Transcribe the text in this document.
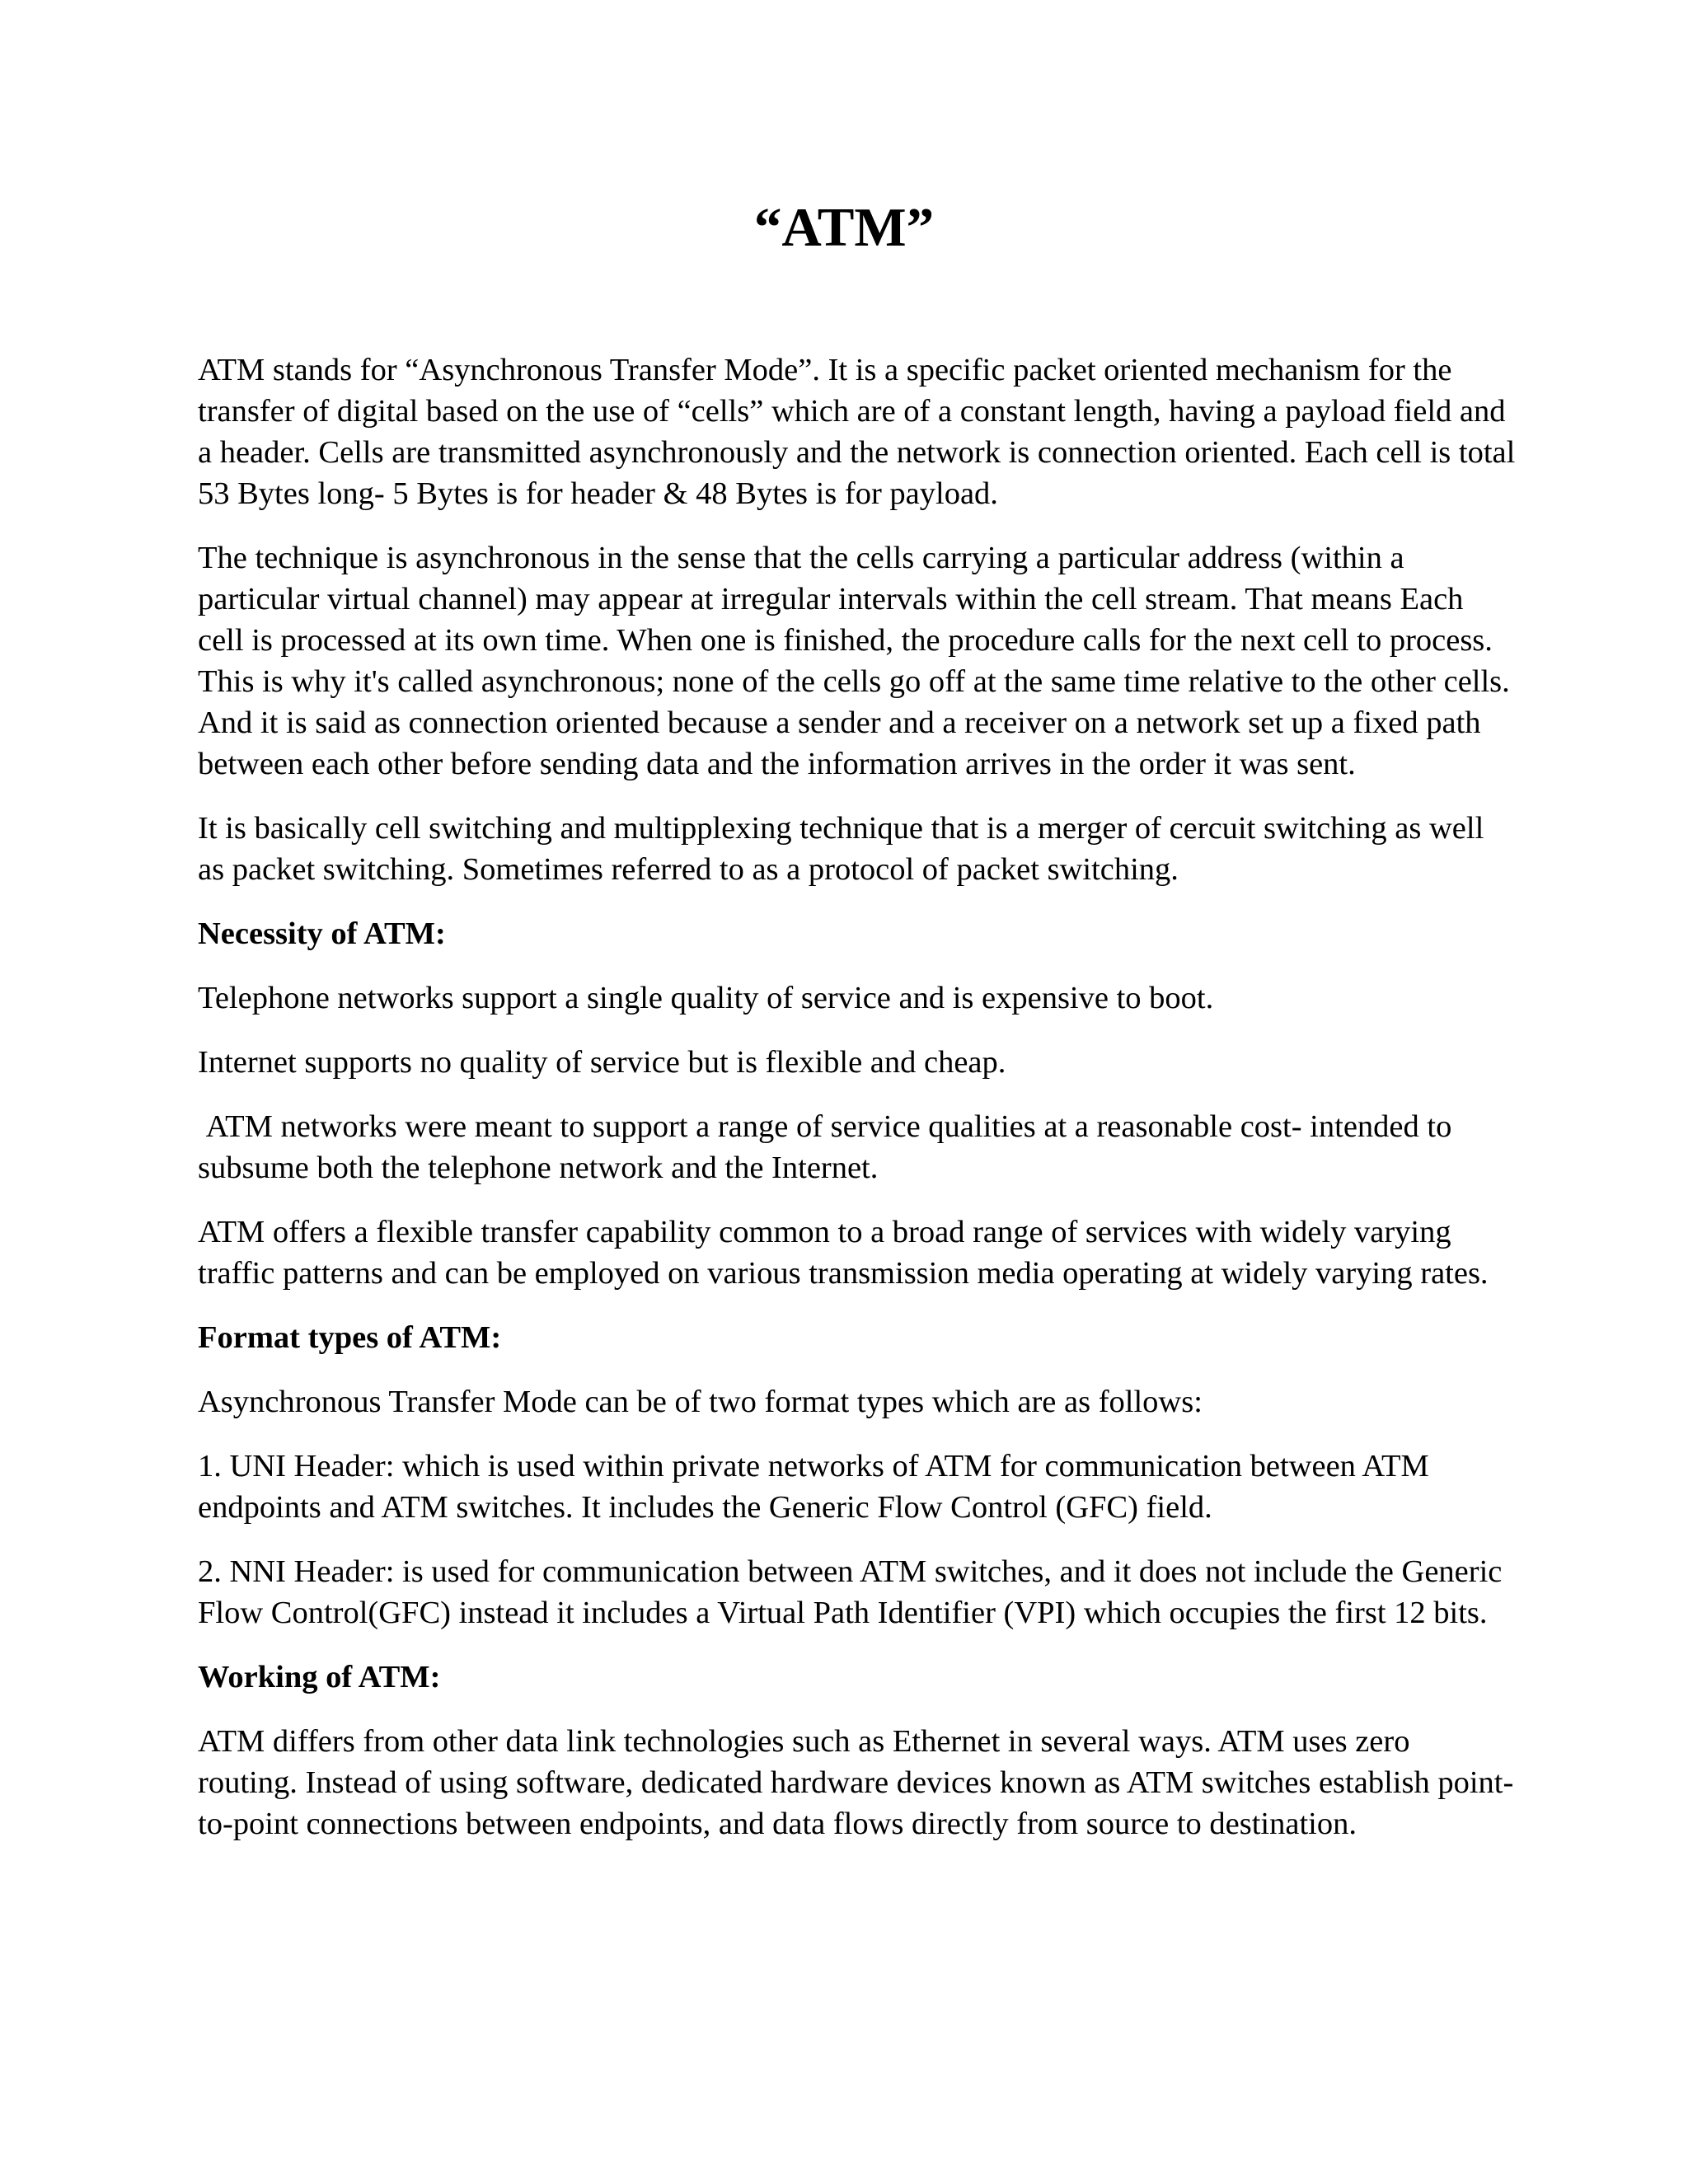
“ATM”

ATM stands for “Asynchronous Transfer Mode”. It is a specific packet oriented mechanism for the transfer of digital based on the use of “cells” which are of a constant length, having a payload field and a header. Cells are transmitted asynchronously and the network is connection oriented. Each cell is total 53 Bytes long- 5 Bytes is for header & 48 Bytes is for payload.

The technique is asynchronous in the sense that the cells carrying a particular address (within a particular virtual channel) may appear at irregular intervals within the cell stream. That means Each cell is processed at its own time. When one is finished, the procedure calls for the next cell to process. This is why it's called asynchronous; none of the cells go off at the same time relative to the other cells. And it is said as connection oriented because a sender and a receiver on a network set up a fixed path between each other before sending data and the information arrives in the order it was sent.

It is basically cell switching and multipplexing technique that is a merger of cercuit switching as well as packet switching. Sometimes referred to as a protocol of packet switching.

Necessity of ATM:

Telephone networks support a single quality of service and is expensive to boot.

Internet supports no quality of service but is flexible and cheap.

ATM networks were meant to support a range of service qualities at a reasonable cost- intended to subsume both the telephone network and the Internet.

ATM offers a flexible transfer capability common to a broad range of services with widely varying traffic patterns and can be employed on various transmission media operating at widely varying rates.

Format types of ATM:

Asynchronous Transfer Mode can be of two format types which are as follows:

1. UNI Header: which is used within private networks of ATM for communication between ATM endpoints and ATM switches. It includes the Generic Flow Control (GFC) field.

2. NNI Header: is used for communication between ATM switches, and it does not include the Generic Flow Control(GFC) instead it includes a Virtual Path Identifier (VPI) which occupies the first 12 bits.

Working of ATM:

ATM differs from other data link technologies such as Ethernet in several ways. ATM uses zero routing. Instead of using software, dedicated hardware devices known as ATM switches establish point-to-point connections between endpoints, and data flows directly from source to destination.
